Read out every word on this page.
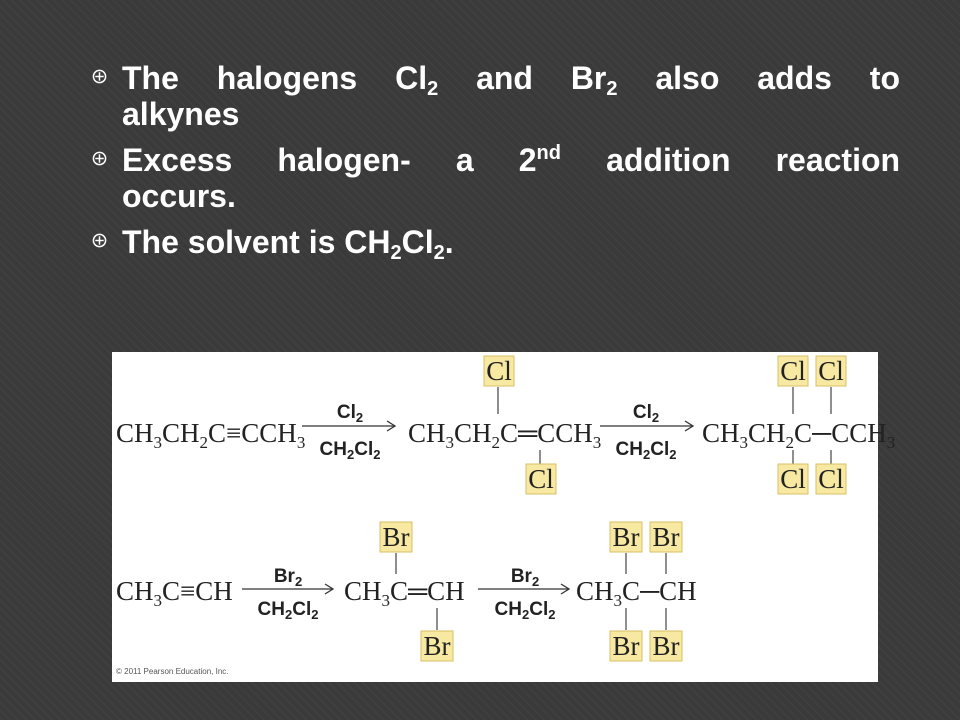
The halogens $Cl_2$ and $Br_2$ also adds to
alkynes
Excess halogen- a 2nd addition reaction
occurs.
The solvent is $CH_2Cl_2$.
$CH_3CH_2C\equiv CCH_3$
$Cl_2$
$CH_2Cl_2$
$CH_3CH_2C═CCH_3$
Cl
Cl
$Cl_2$
$CH_2Cl_2$
$CH_3CH_2C─CCH_3$
Cl Cl
Cl Cl
$CH_3C\equiv CH$ $Br_2$
$CH_2Cl_2$
$CH_3C═CH$
Br
Br
$Br_2$
$CH_2Cl_2$
$CH_3C─CH$
Br Br
Br Br
© 2011 Pearson Education, Inc.
